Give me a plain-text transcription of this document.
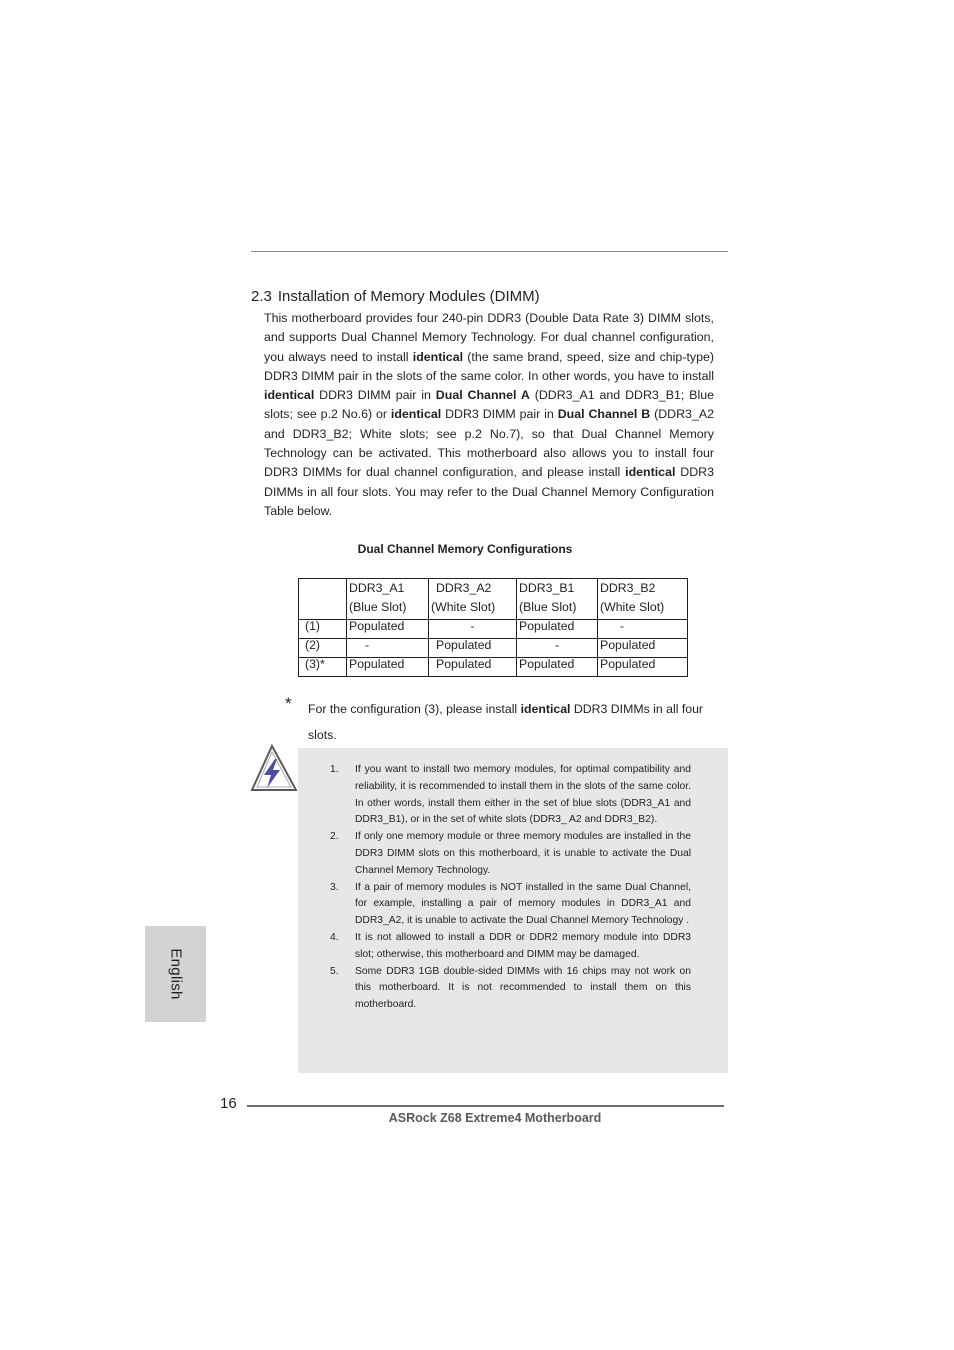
2.3 Installation of Memory Modules (DIMM)
This motherboard provides four 240-pin DDR3 (Double Data Rate 3) DIMM slots, and supports Dual Channel Memory Technology. For dual channel configuration, you always need to install identical (the same brand, speed, size and chip-type) DDR3 DIMM pair in the slots of the same color. In other words, you have to install identical DDR3 DIMM pair in Dual Channel A (DDR3_A1 and DDR3_B1; Blue slots; see p.2 No.6) or identical DDR3 DIMM pair in Dual Channel B (DDR3_A2 and DDR3_B2; White slots; see p.2 No.7), so that Dual Channel Memory Technology can be activated. This motherboard also allows you to install four DDR3 DIMMs for dual channel configuration, and please install identical DDR3 DIMMs in all four slots. You may refer to the Dual Channel Memory Configuration Table below.
Dual Channel Memory Configurations
	DDR3_A1	DDR3_A2	DDR3_B1	DDR3_B2
	(Blue Slot)	(White Slot)	(Blue Slot)	(White Slot)
(1)	Populated	-	Populated	-
(2)	-	Populated	-	Populated
(3)*	Populated	Populated	Populated	Populated
* For the configuration (3), please install identical DDR3 DIMMs in all four slots.
1. If you want to install two memory modules, for optimal compatibility and reliability, it is recommended to install them in the slots of the same color. In other words, install them either in the set of blue slots (DDR3_A1 and DDR3_B1), or in the set of white slots (DDR3_ A2 and DDR3_B2).
2. If only one memory module or three memory modules are installed in the DDR3 DIMM slots on this motherboard, it is unable to activate the Dual Channel Memory Technology.
3. If a pair of memory modules is NOT installed in the same Dual Channel, for example, installing a pair of memory modules in DDR3_A1 and DDR3_A2, it is unable to activate the Dual Channel Memory Technology .
4. It is not allowed to install a DDR or DDR2 memory module into DDR3 slot; otherwise, this motherboard and DIMM may be damaged.
5. Some DDR3 1GB double-sided DIMMs with 16 chips may not work on this motherboard. It is not recommended to install them on this motherboard.
English
16
ASRock Z68 Extreme4 Motherboard
